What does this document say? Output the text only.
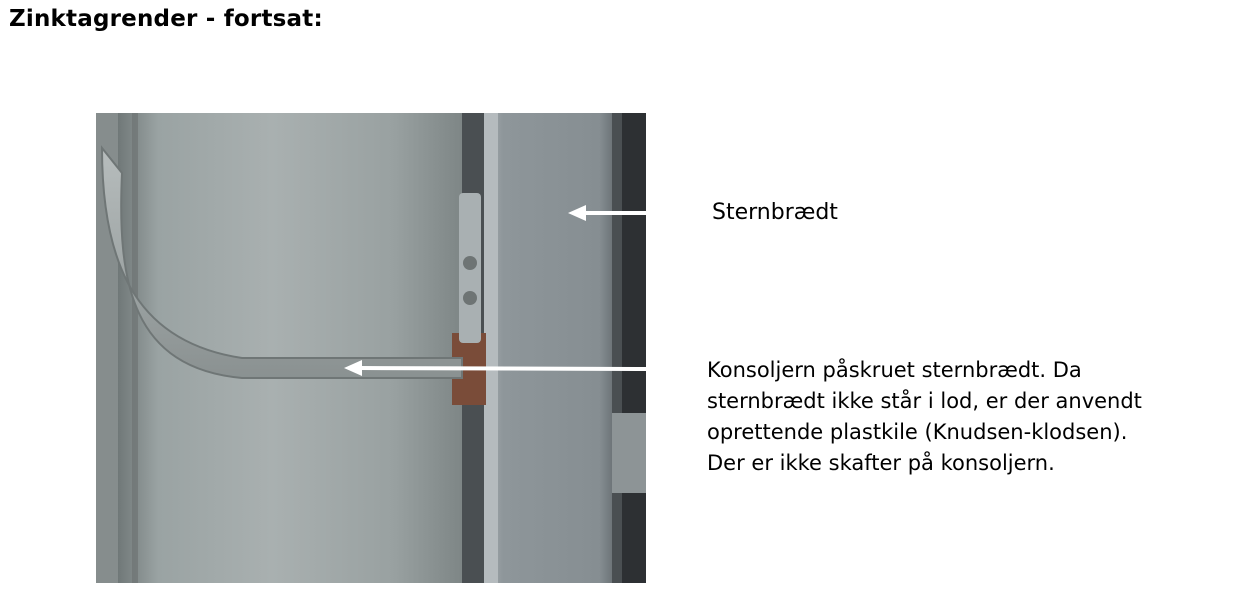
Zinktagrender - fortsat:
Sternbrædt
Konsoljern påskruet sternbrædt. Da
sternbrædt ikke står i lod, er der anvendt
oprettende plastkile (Knudsen-klodsen).
Der er ikke skafter på konsoljern.
